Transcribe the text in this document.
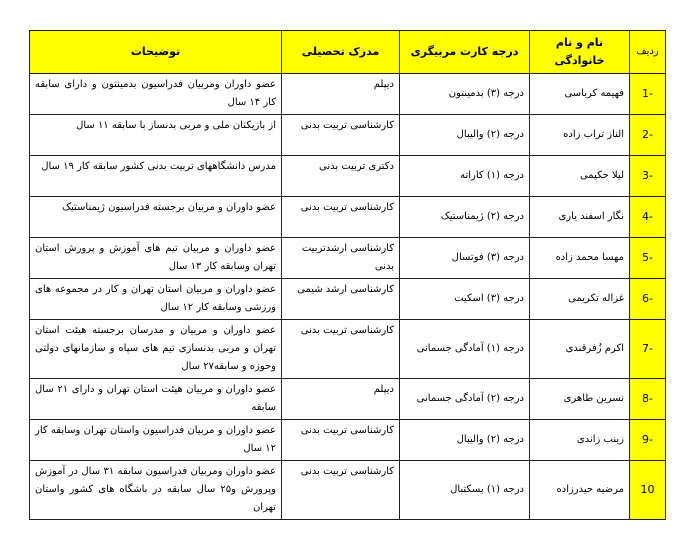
ردیف	نام و نام خانوادگی	درجه کارت مربیگری	مدرک تحصیلی	توضیحات
-1	فهیمه کرباسی	درجه (۳) بدمینتون	دیپلم	عضو داوران ومربیان فدراسیون بدمینتون و دارای سابقه کار ۱۴ سال
-2	الناز تراب زاده	درجه (۲) والیبال	کارشناسی تربیت بدنی	از بازیکنان ملی و مربی بدنساز با سابقه ۱۱ سال
-3	لیلا حکیمی	درجه (۱) کاراته	دکتری تربیت بدنی	مدرس دانشگاههای تربیت بدنی کشور سابقه کار ۱۹ سال
-4	نگار اسفند یاری	درجه (۲) ژیمناستیک	کارشناسی تربیت بدنی	عضو داوران و مربیان برجسته فدراسیون ژیمناستیک
-5	مهسا محمد زاده	درجه (۳) فوتسال	کارشناسی ارشدتربیت بدنی	عضو داوران و مربیان تیم های آموزش و پرورش استان تهران وسابقه کار ۱۳ سال
-6	غزاله تکریمی	درجه (۳) اسکیت	کارشناسی ارشد شیمی	عضو داوران و مربیان استان تهران و کار در مجموعه های ورزشی وسابقه کار ۱۲ سال
-7	اکرم زُفرقندی	درجه (۱) آمادگی جسمانی	کارشناسی تربیت بدنی	عضو داوران و مربیان و مدرسان برجسته هیئت استان تهران و مربی بدنسازی تیم های سپاه و سازمانهای دولتی وحوزه و سابقه۲۷ سال
-8	نسرین طاهری	درجه (۲) آمادگی جسمانی	دیپلم	عضو داوران و مربیان هیئت استان تهران و دارای ۲۱ سال سابقه
-9	زینب زاندی	درجه (۲) والیبال	کارشناسی تربیت بدنی	عضو داوران و مربیان فدراسیون واستان تهران وسابقه کار ۱۲ سال
10	مرضیه حیدرزاده	درجه (۱) بسکتبال	کارشناسی تربیت بدنی	عضو داوران ومربیان فدراسیون سابقه ۳۱ سال در آموزش وپرورش و۲۵ سال سابقه در باشگاه های کشور واستان تهران
